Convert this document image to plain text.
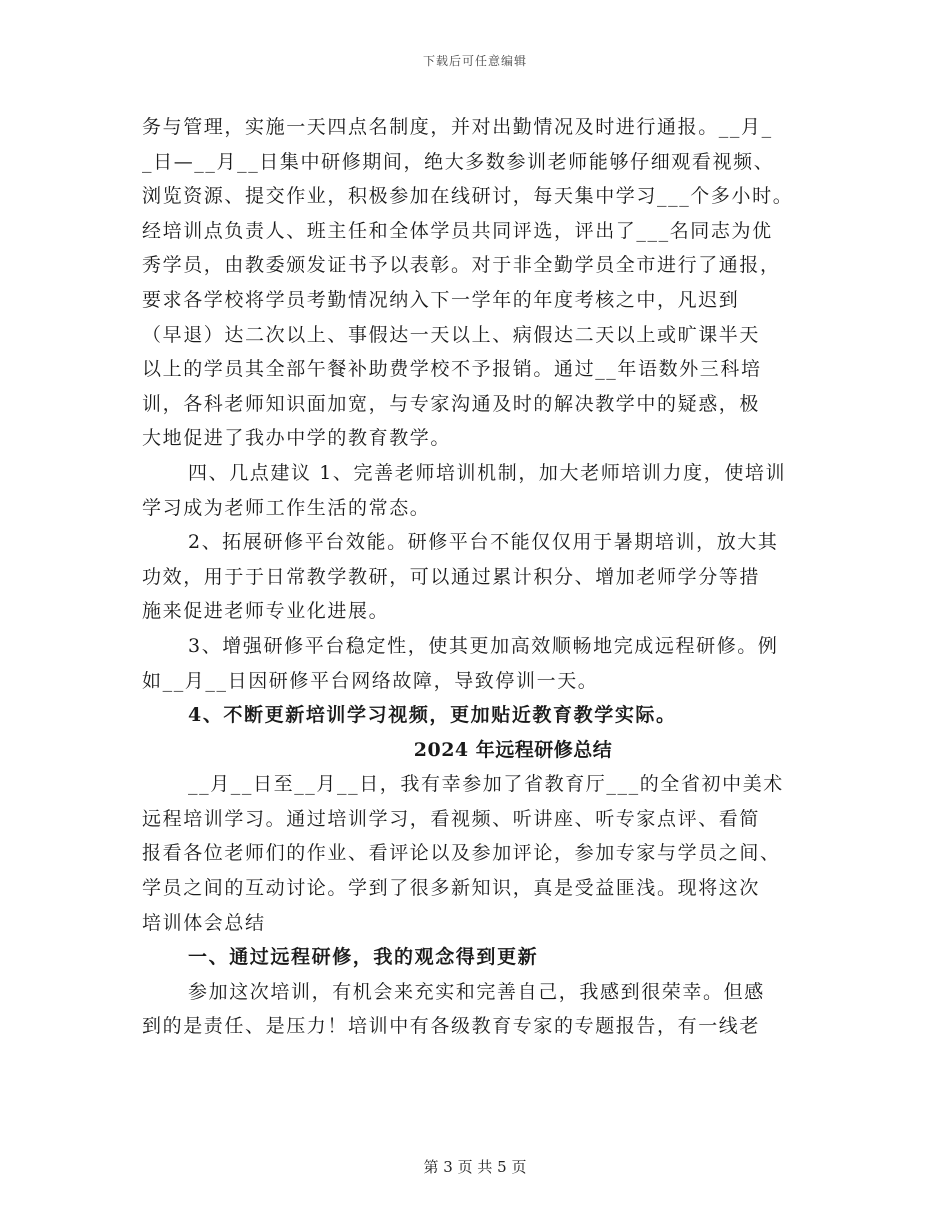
下载后可任意编辑
务与管理，实施一天四点名制度，并对出勤情况及时进行通报。__月_
_日—__月__日集中研修期间，绝大多数参训老师能够仔细观看视频、
浏览资源、提交作业，积极参加在线研讨，每天集中学习___个多小时。
经培训点负责人、班主任和全体学员共同评选，评出了___名同志为优
秀学员，由教委颁发证书予以表彰。对于非全勤学员全市进行了通报，
要求各学校将学员考勤情况纳入下一学年的年度考核之中，凡迟到
（早退）达二次以上、事假达一天以上、病假达二天以上或旷课半天
以上的学员其全部午餐补助费学校不予报销。通过__年语数外三科培
训，各科老师知识面加宽，与专家沟通及时的解决教学中的疑惑，极
大地促进了我办中学的教育教学。
四、几点建议 1、完善老师培训机制，加大老师培训力度，使培训
学习成为老师工作生活的常态。
2、拓展研修平台效能。研修平台不能仅仅用于暑期培训，放大其
功效，用于于日常教学教研，可以通过累计积分、增加老师学分等措
施来促进老师专业化进展。
3、增强研修平台稳定性，使其更加高效顺畅地完成远程研修。例
如__月__日因研修平台网络故障，导致停训一天。
4、不断更新培训学习视频，更加贴近教育教学实际。
2024 年远程研修总结
__月__日至__月__日，我有幸参加了省教育厅___的全省初中美术
远程培训学习。通过培训学习，看视频、听讲座、听专家点评、看简
报看各位老师们的作业、看评论以及参加评论，参加专家与学员之间、
学员之间的互动讨论。学到了很多新知识，真是受益匪浅。现将这次
培训体会总结
一、通过远程研修，我的观念得到更新
参加这次培训，有机会来充实和完善自己，我感到很荣幸。但感
到的是责任、是压力！培训中有各级教育专家的专题报告，有一线老
第 3 页 共 5 页
